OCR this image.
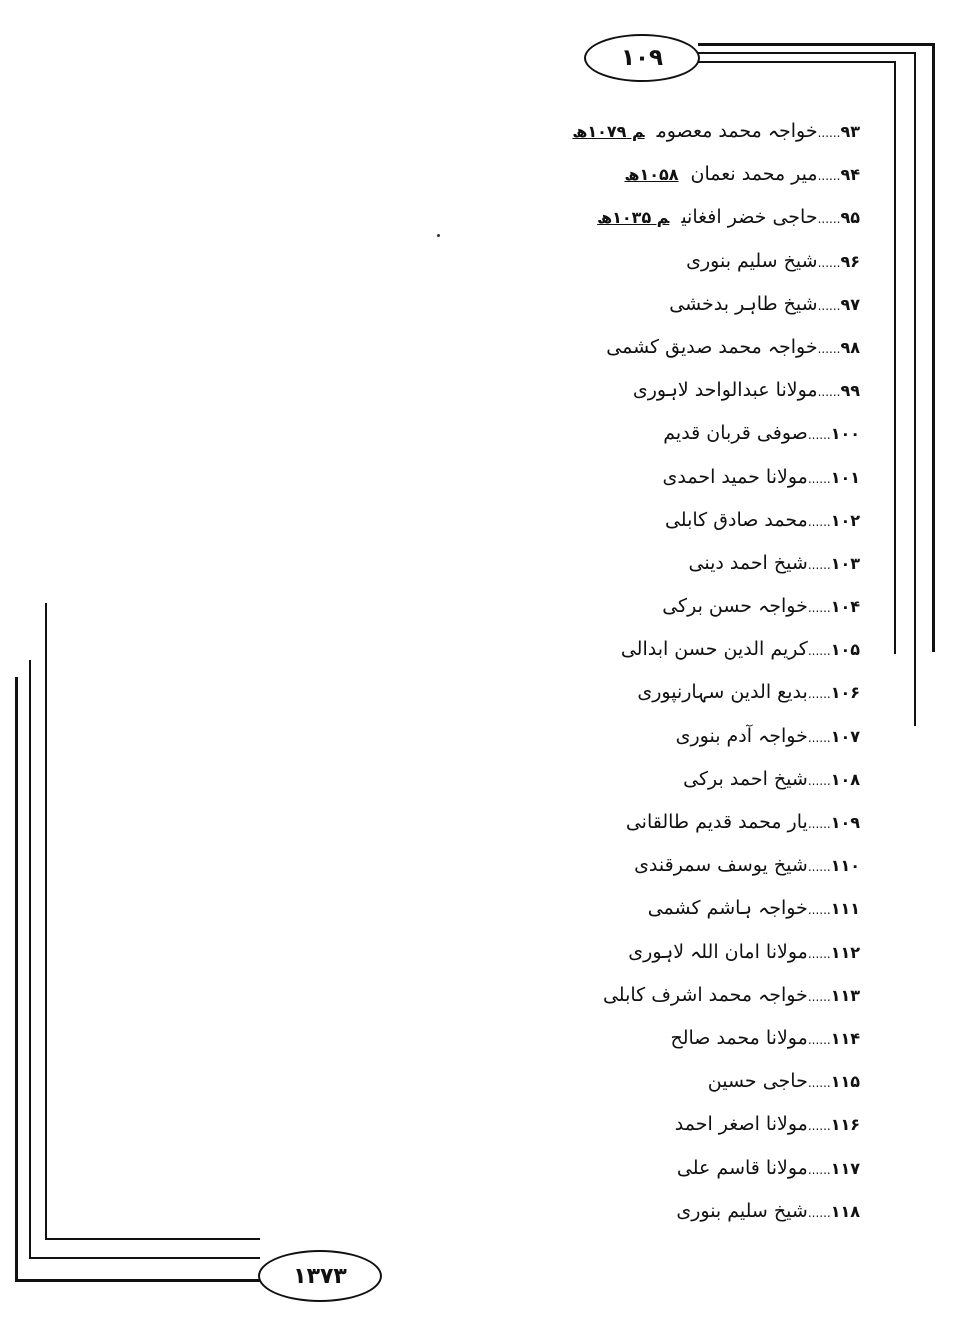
۱۰۹
۱۳۷۳
۹۳......خواجہ محمد معصومم ۱۰۷۹ھ
۹۴......میر محمد نعمان۱۰۵۸ھ
۹۵......حاجی خضر افغانیم ۱۰۳۵ھ
۹۶......شیخ سلیم بنوری
۹۷......شیخ طاہر بدخشی
۹۸......خواجہ محمد صدیق کشمی
۹۹......مولانا عبدالواحد لاہوری
۱۰۰......صوفی قربان قدیم
۱۰۱......مولانا حمید احمدی
۱۰۲......محمد صادق کابلی
۱۰۳......شیخ احمد دینی
۱۰۴......خواجہ حسن برکی
۱۰۵......کریم الدین حسن ابدالی
۱۰۶......بدیع الدین سہارنپوری
۱۰۷......خواجہ آدم بنوری
۱۰۸......شیخ احمد برکی
۱۰۹......یار محمد قدیم طالقانی
۱۱۰......شیخ یوسف سمرقندی
۱۱۱......خواجہ ہاشم کشمی
۱۱۲......مولانا امان اللہ لاہوری
۱۱۳......خواجہ محمد اشرف کابلی
۱۱۴......مولانا محمد صالح
۱۱۵......حاجی حسین
۱۱۶......مولانا اصغر احمد
۱۱۷......مولانا قاسم علی
۱۱۸......شیخ سلیم بنوری
